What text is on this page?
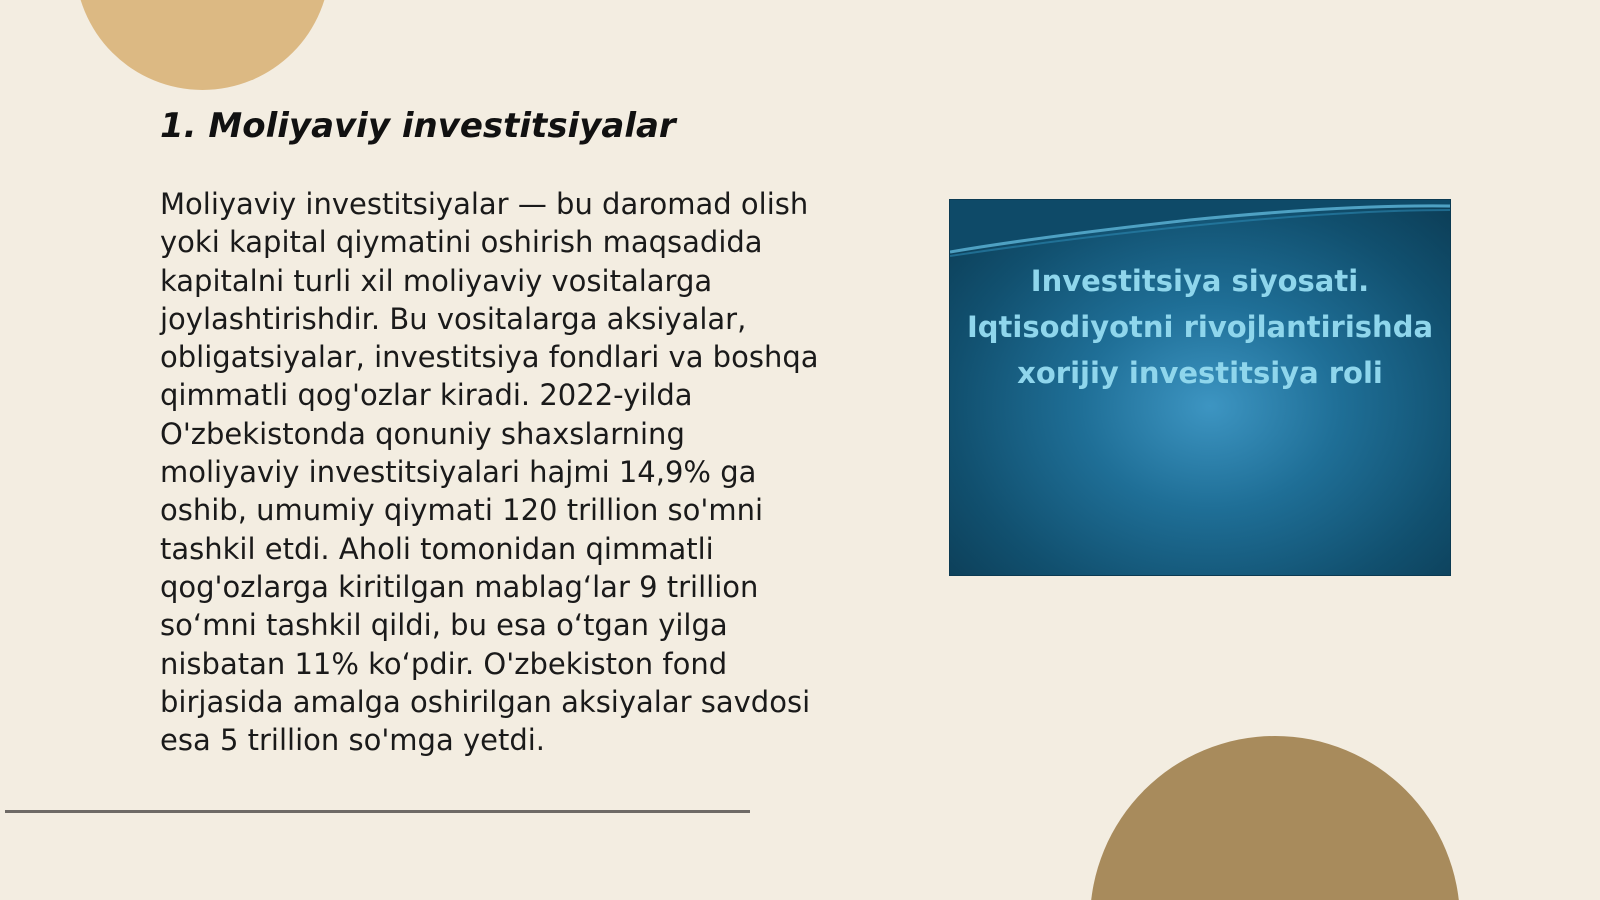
1. Moliyaviy investitsiyalar
Moliyaviy investitsiyalar — bu daromad olish
yoki kapital qiymatini oshirish maqsadida
kapitalni turli xil moliyaviy vositalarga
joylashtirishdir. Bu vositalarga aksiyalar,
obligatsiyalar, investitsiya fondlari va boshqa
qimmatli qog'ozlar kiradi. 2022-yilda
O'zbekistonda qonuniy shaxslarning
moliyaviy investitsiyalari hajmi 14,9% ga
oshib, umumiy qiymati 120 trillion so'mni
tashkil etdi. Aholi tomonidan qimmatli
qog'ozlarga kiritilgan mablag‘lar 9 trillion
so‘mni tashkil qildi, bu esa o‘tgan yilga
nisbatan 11% ko‘pdir. O'zbekiston fond
birjasida amalga oshirilgan aksiyalar savdosi
esa 5 trillion so'mga yetdi.
Investitsiya siyosati.
Iqtisodiyotni rivojlantirishda
xorijiy investitsiya roli
